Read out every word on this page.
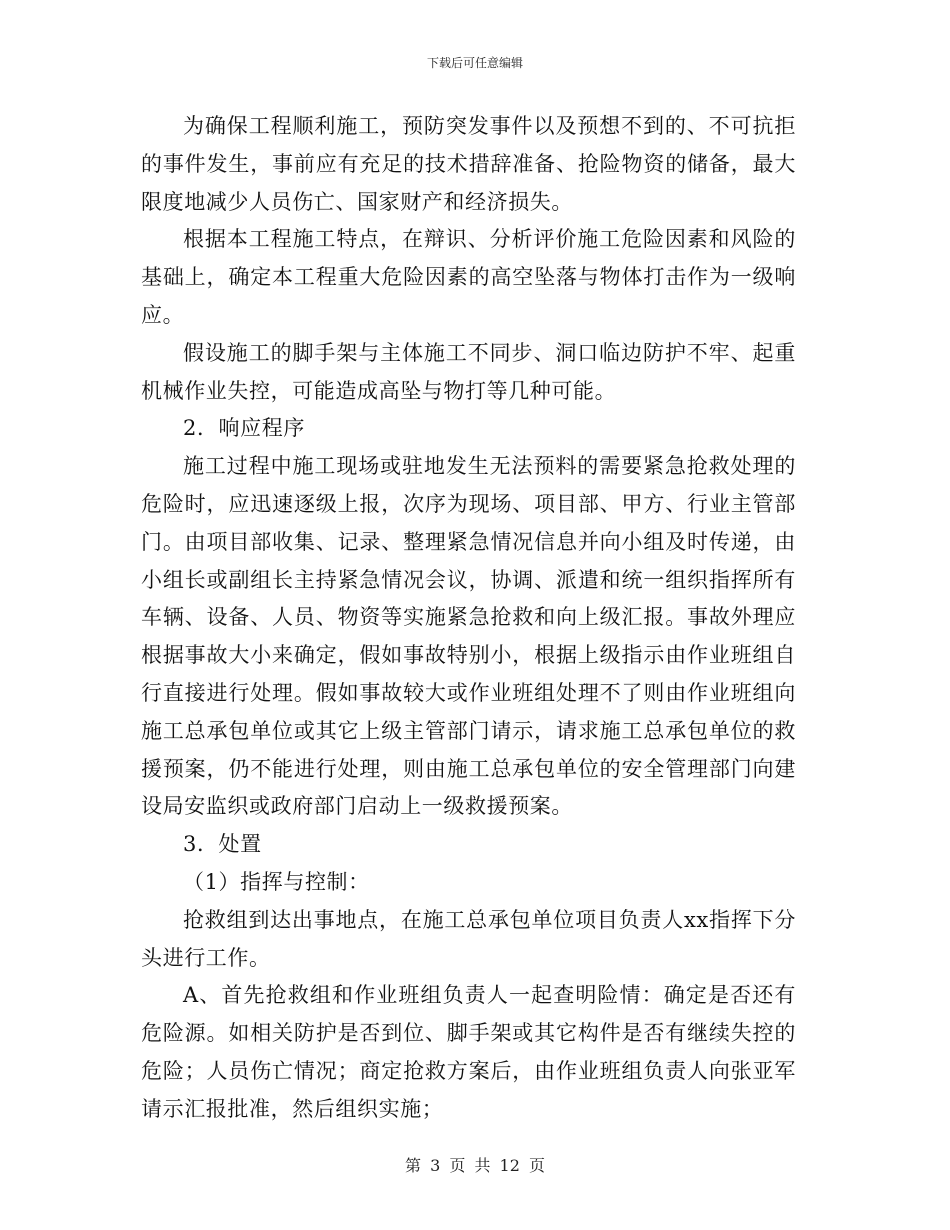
下载后可任意编辑

为确保工程顺利施工，预防突发事件以及预想不到的、不可抗拒的事件发生，事前应有充足的技术措辞准备、抢险物资的储备，最大限度地减少人员伤亡、国家财产和经济损失。

根据本工程施工特点，在辩识、分析评价施工危险因素和风险的基础上，确定本工程重大危险因素的高空坠落与物体打击作为一级响应。

假设施工的脚手架与主体施工不同步、洞口临边防护不牢、起重机械作业失控，可能造成高坠与物打等几种可能。

2．响应程序

施工过程中施工现场或驻地发生无法预料的需要紧急抢救处理的危险时，应迅速逐级上报，次序为现场、项目部、甲方、行业主管部门。由项目部收集、记录、整理紧急情况信息并向小组及时传递，由小组长或副组长主持紧急情况会议，协调、派遣和统一组织指挥所有车辆、设备、人员、物资等实施紧急抢救和向上级汇报。事故外理应根据事故大小来确定，假如事故特别小，根据上级指示由作业班组自行直接进行处理。假如事故较大或作业班组处理不了则由作业班组向施工总承包单位或其它上级主管部门请示，请求施工总承包单位的救援预案，仍不能进行处理，则由施工总承包单位的安全管理部门向建设局安监织或政府部门启动上一级救援预案。

3．处置

（1）指挥与控制：

抢救组到达出事地点，在施工总承包单位项目负责人xx指挥下分头进行工作。

A、首先抢救组和作业班组负责人一起查明险情：确定是否还有危险源。如相关防护是否到位、脚手架或其它构件是否有继续失控的危险；人员伤亡情况；商定抢救方案后，由作业班组负责人向张亚军请示汇报批准，然后组织实施；

第 3 页 共 12 页
